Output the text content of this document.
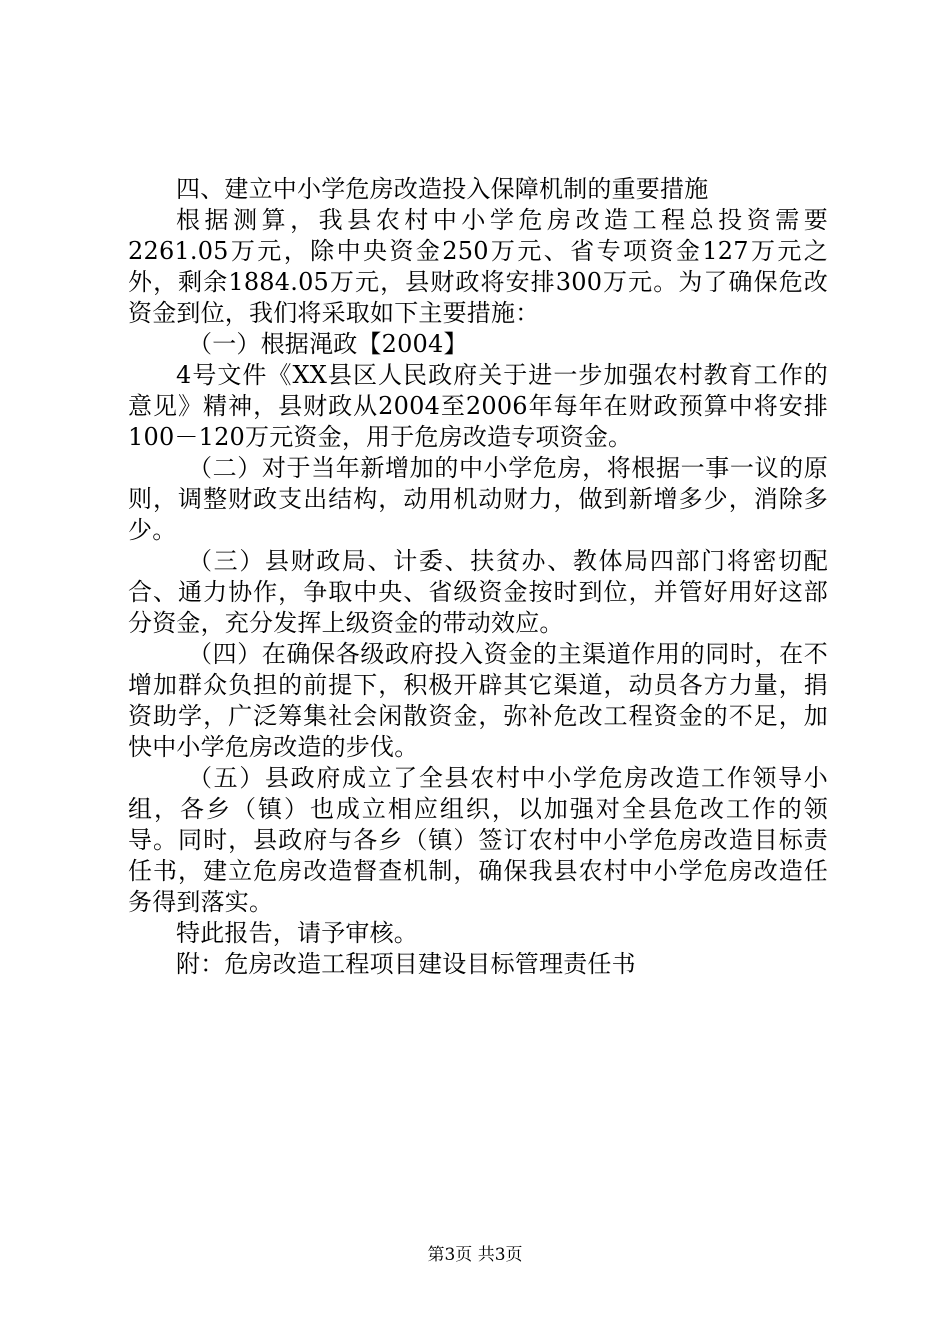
四、建立中小学危房改造投入保障机制的重要措施

根据测算，我县农村中小学危房改造工程总投资需要2261.05万元，除中央资金250万元、省专项资金127万元之外，剩余1884.05万元，县财政将安排300万元。为了确保危改资金到位，我们将采取如下主要措施：

（一）根据渑政【2004】

4号文件《XX县区人民政府关于进一步加强农村教育工作的意见》精神，县财政从2004至2006年每年在财政预算中将安排100－120万元资金，用于危房改造专项资金。

（二）对于当年新增加的中小学危房，将根据一事一议的原则，调整财政支出结构，动用机动财力，做到新增多少，消除多少。

（三）县财政局、计委、扶贫办、教体局四部门将密切配合、通力协作，争取中央、省级资金按时到位，并管好用好这部分资金，充分发挥上级资金的带动效应。

（四）在确保各级政府投入资金的主渠道作用的同时，在不增加群众负担的前提下，积极开辟其它渠道，动员各方力量，捐资助学，广泛筹集社会闲散资金，弥补危改工程资金的不足，加快中小学危房改造的步伐。

（五）县政府成立了全县农村中小学危房改造工作领导小组，各乡（镇）也成立相应组织，以加强对全县危改工作的领导。同时，县政府与各乡（镇）签订农村中小学危房改造目标责任书，建立危房改造督查机制，确保我县农村中小学危房改造任务得到落实。

特此报告，请予审核。

附：危房改造工程项目建设目标管理责任书

第3页 共3页
